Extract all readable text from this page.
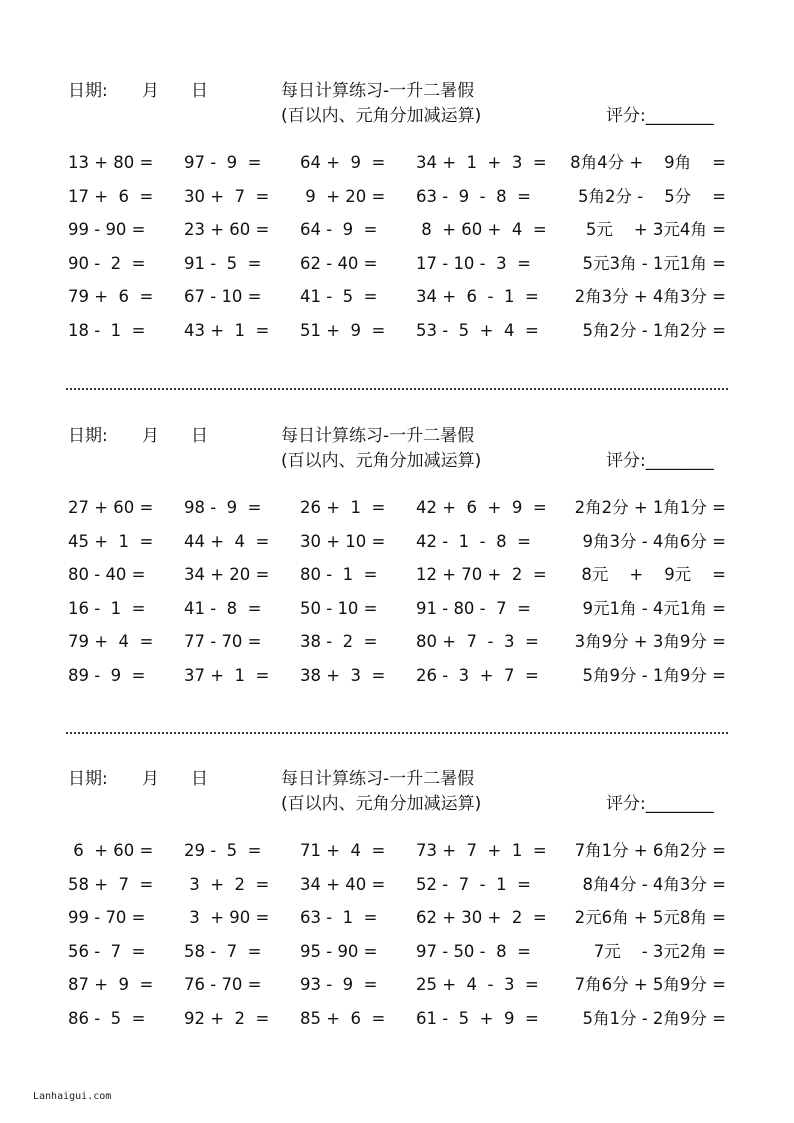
日期: 月 日	每日计算练习-一升二暑假
(百以内、元角分加减运算)	评分:________
13 + 80 = 97 -  9  = 64 +  9  = 34 +  1  +  3  = 8角4分 +    9角    =
17 +  6  = 30 +  7  = 9  + 20 = 63 -  9  -  8  =	5角2分 -    5分    =
99 - 90 = 23 + 60 = 64 -  9  = 8  + 60 +  4  = 5元    + 3元4角 =
90 -  2  = 91 -  5  = 62 - 40 = 17 - 10 -  3  =	5元3角 - 1元1角 =
79 +  6  = 67 - 10 = 41 -  5  = 34 +  6  -  1  = 2角3分 + 4角3分 =
18 -  1  = 43 +  1  = 51 +  9  = 53 -  5  +  4  =	5角2分 - 1角2分 =
日期: 月 日	每日计算练习-一升二暑假
(百以内、元角分加减运算)	评分:________
27 + 60 = 98 -  9  = 26 +  1  = 42 +  6  +  9  = 2角2分 + 1角1分 =
45 +  1  = 44 +  4  = 30 + 10 = 42 -  1  -  8  =	9角3分 - 4角6分 =
80 - 40 = 34 + 20 = 80 -  1  = 12 + 70 +  2  = 8元    +    9元    =
16 -  1  = 41 -  8  = 50 - 10 = 91 - 80 -  7  =	9元1角 - 4元1角 =
79 +  4  = 77 - 70 = 38 -  2  = 80 +  7  -  3  = 3角9分 + 3角9分 =
89 -  9  = 37 +  1  = 38 +  3  = 26 -  3  +  7  =	5角9分 - 1角9分 =
日期: 月 日	每日计算练习-一升二暑假
(百以内、元角分加减运算)	评分:________
6  + 60 = 29 -  5  = 71 +  4  = 73 +  7  +  1  = 7角1分 + 6角2分 =
58 +  7  = 3  +  2  = 34 + 40 = 52 -  7  -  1  =	8角4分 - 4角3分 =
99 - 70 = 3  + 90 = 63 -  1  = 62 + 30 +  2  = 2元6角 + 5元8角 =
56 -  7  = 58 -  7  = 95 - 90 = 97 - 50 -  8  =	7元    - 3元2角 =
87 +  9  = 76 - 70 = 93 -  9  = 25 +  4  -  3  = 7角6分 + 5角9分 =
86 -  5  = 92 +  2  = 85 +  6  = 61 -  5  +  9  =	5角1分 - 2角9分 =
Lanhaigui.com
